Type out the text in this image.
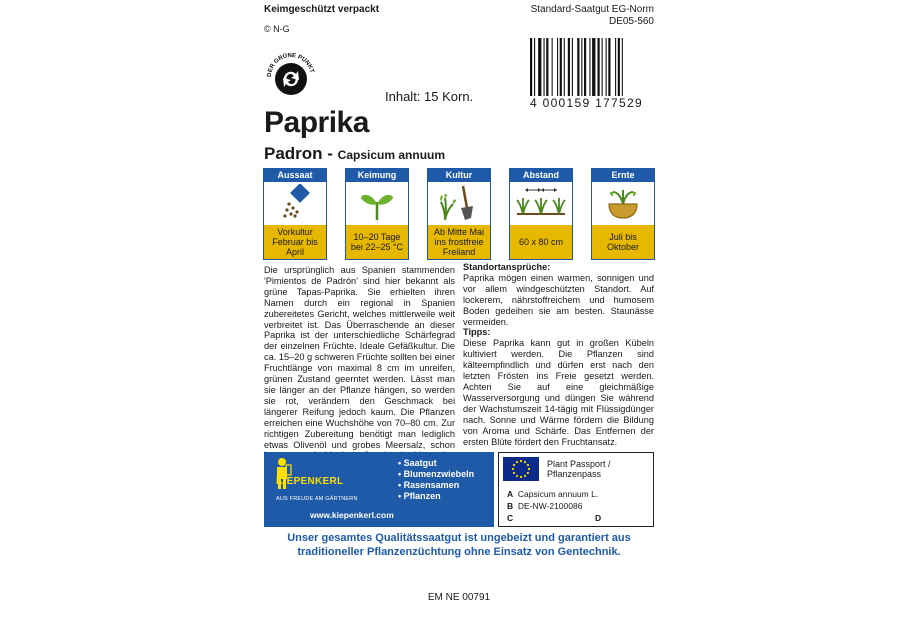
Keimgeschützt verpackt
© N-G
Standard-Saatgut EG-Norm
DE05-560
DER GRÜNE PUNKT
Inhalt: 15 Korn.	4 000159 177529
Paprika
Padron - Capsicum annuum
Aussaat
Vorkultur
Februar bis
April
Keimung
10–20 Tage
bei 22–25 °C
Kultur
Ab Mitte Mai
ins frostfreie
Freiland
Abstand
60 x 80 cm
Ernte
Juli bis
Oktober
Die ursprünglich aus Spanien stammenden 'Pimientos de Padrón' sind hier bekannt als grüne Tapas-Paprika. Sie erhielten ihren Namen durch ein regional in Spanien zubereitetes Gericht, welches mittlerweile weit verbreitet ist. Das Überraschende an dieser Paprika ist der unterschiedliche Schärfegrad der einzelnen Früchte. Ideale Gefäßkultur. Die ca. 15–20 g schweren Früchte sollten bei einer Fruchtlänge von maximal 8 cm im unreifen, grünen Zustand geerntet werden. Lässt man sie länger an der Pflanze hängen, so werden sie rot, verändern den Geschmack bei längerer Reifung jedoch kaum. Die Pflanzen erreichen eine Wuchshöhe von 70–80 cm. Zur richtigen Zubereitung benötigt man lediglich etwas Olivenöl und grobes Meersalz, schon
Standortansprüche:
Paprika mögen einen warmen, sonnigen und vor allem windgeschützten Standort. Auf lockerem, nährstoffreichem und humosem Boden gedeihen sie am besten. Staunässe vermeiden.
Tipps:
Diese Paprika kann gut in großen Kübeln kultiviert werden. Die Pflanzen sind kälteempfindlich und dürfen erst nach den letzten Frösten ins Freie gesetzt werden. Achten Sie auf eine gleichmäßige Wasserversorgung und düngen Sie während der Wachstumszeit 14-tägig mit Flüssigdünger nach. Sonne und Wärme fördern die Bildung von Aroma und Schärfe. Das Entfernen der ersten Blüte fördert den Fruchtansatz.
KIEPENKERL
AUS FREUDE AM GÄRTNERN
• Saatgut
• Blumenzwiebeln
• Rasensamen
• Pflanzen
www.kiepenkerl.com
Plant Passport /
Pflanzenpass
A Capsicum annuum L.
B DE-NW-2100086
C	D
Unser gesamtes Qualitätssaatgut ist ungebeizt und garantiert aus traditioneller Pflanzenzüchtung ohne Einsatz von Gentechnik.
EM NE 00791
